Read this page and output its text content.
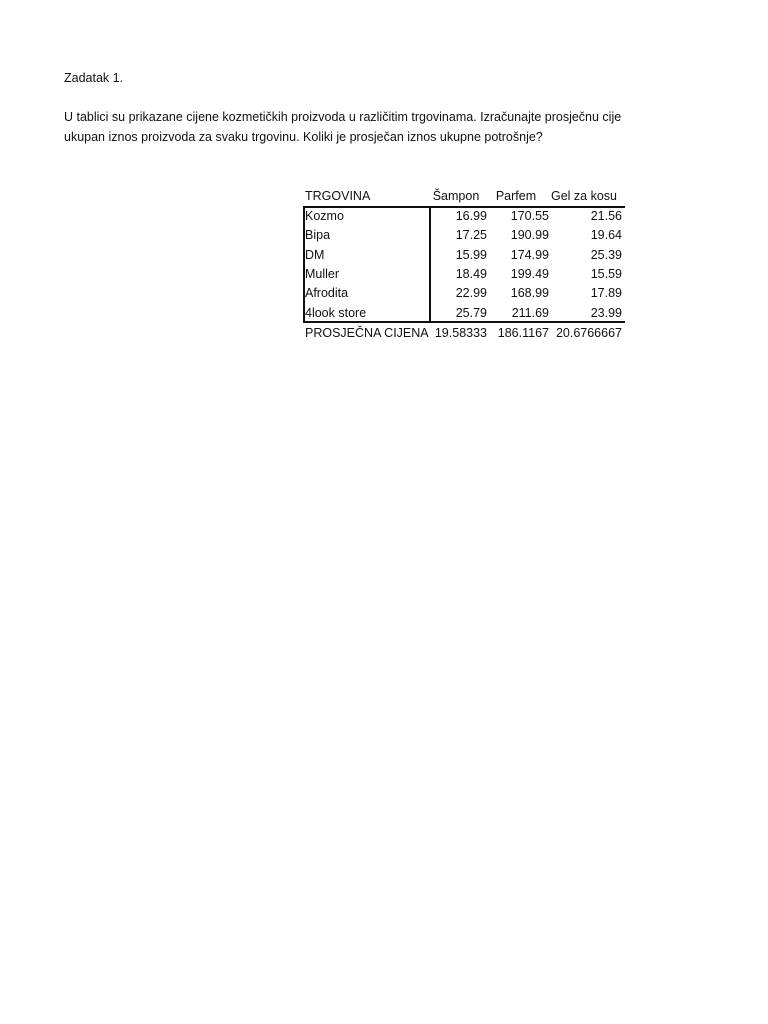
Zadatak 1.
U tablici su prikazane cijene kozmetičkih proizvoda u različitim trgovinama. Izračunajte prosječnu cije
ukupan iznos proizvoda za svaku trgovinu. Koliki je prosječan iznos ukupne potrošnje?
TRGOVINA	Šampon	Parfem	Gel za kosu
Kozmo	16.99	170.55	21.56
Bipa	17.25	190.99	19.64
DM	15.99	174.99	25.39
Muller	18.49	199.49	15.59
Afrodita	22.99	168.99	17.89
4look store	25.79	211.69	23.99
PROSJEČNA CIJENA 19.58333 186.1167 20.6766667
